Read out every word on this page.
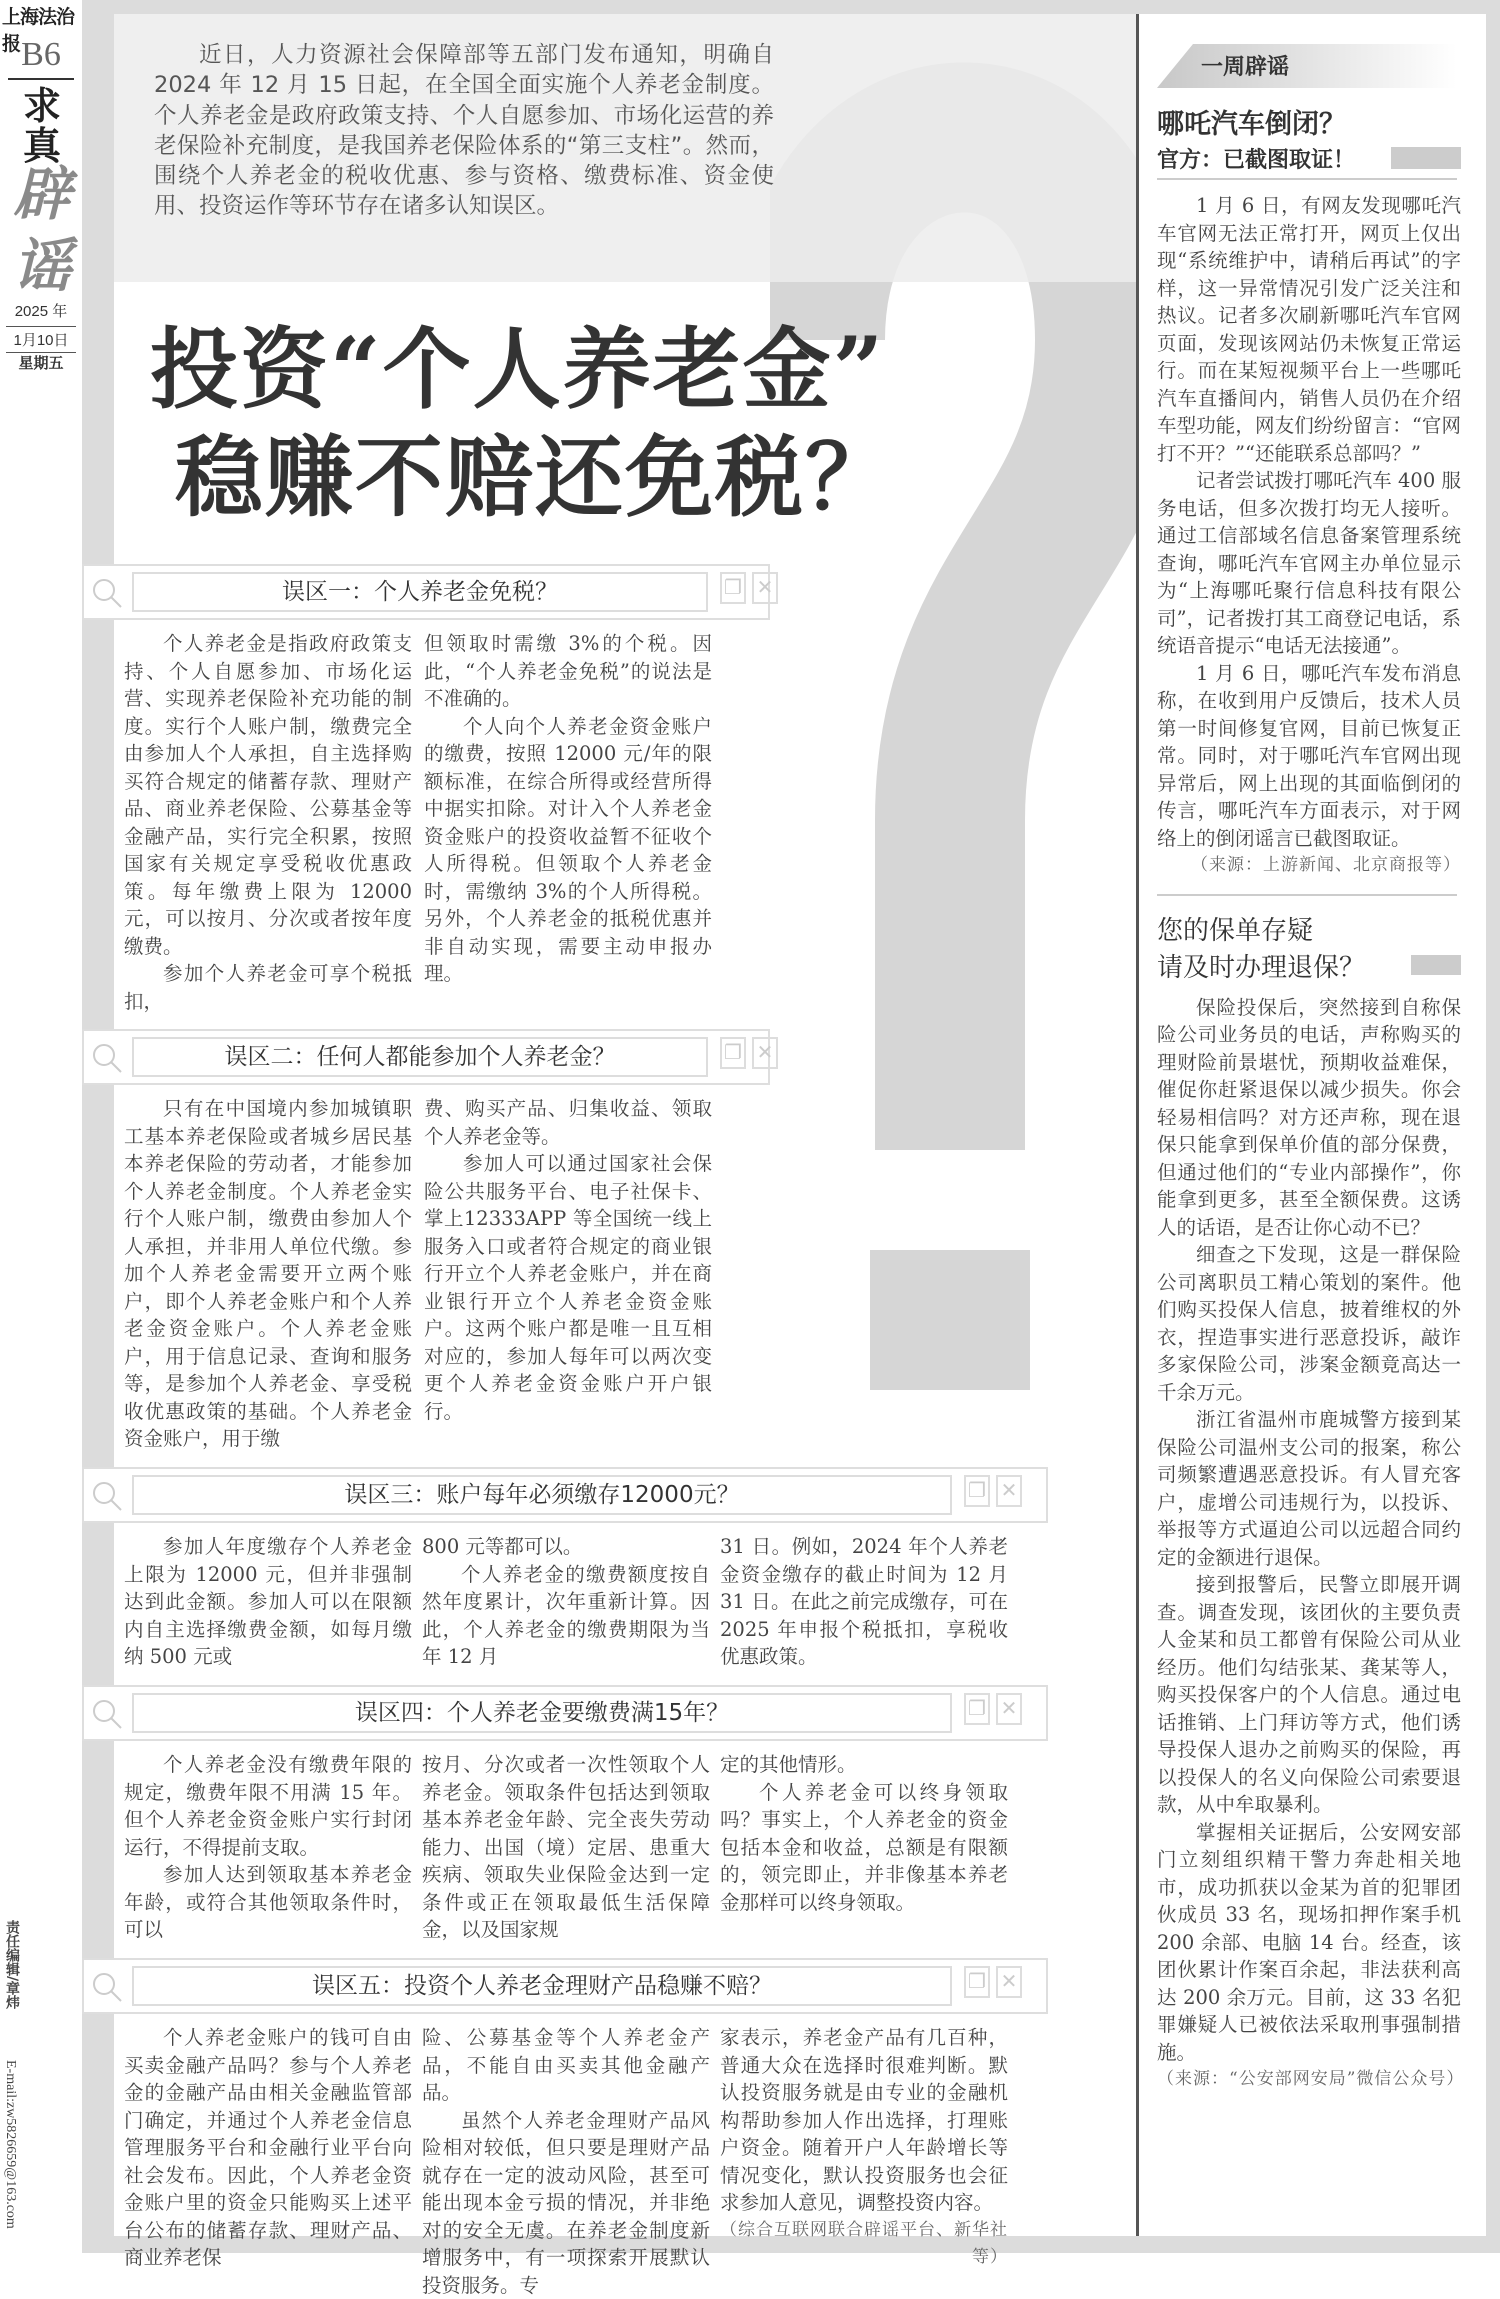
上海法治报 B6
求真
辟谣
2025 年
1月10日
星期五
责任编辑/章炜
E-mail:zw5826659@163.com

近日，人力资源社会保障部等五部门发布通知，明确自 2024 年 12 月 15 日起，在全国全面实施个人养老金制度。个人养老金是政府政策支持、个人自愿参加、市场化运营的养老保险补充制度，是我国养老保险体系的“第三支柱”。然而，围绕个人养老金的税收优惠、参与资格、缴费标准、资金使用、投资运作等环节存在诸多认知误区。

投资“个人养老金”
稳赚不赔还免税？
误区一：个人养老金免税？	❐ ✕

个人养老金是指政府政策支持、个人自愿参加、市场化运营、实现养老保险补充功能的制度。实行个人账户制，缴费完全由参加人个人承担，自主选择购买符合规定的储蓄存款、理财产品、商业养老保险、公募基金等金融产品，实行完全积累，按照国家有关规定享受税收优惠政策。每年缴费上限为 12000 元，可以按月、分次或者按年度缴费。

参加个人养老金可享个税抵扣，

但领取时需缴 3%的个税。因此，“个人养老金免税”的说法是不准确的。

个人向个人养老金资金账户的缴费，按照 12000 元/年的限额标准，在综合所得或经营所得中据实扣除。对计入个人养老金资金账户的投资收益暂不征收个人所得税。但领取个人养老金时，需缴纳 3%的个人所得税。另外，个人养老金的抵税优惠并非自动实现，需要主动申报办理。

误区二：任何人都能参加个人养老金？	❐ ✕

只有在中国境内参加城镇职工基本养老保险或者城乡居民基本养老保险的劳动者，才能参加个人养老金制度。个人养老金实行个人账户制，缴费由参加人个人承担，并非用人单位代缴。参加个人养老金需要开立两个账户，即个人养老金账户和个人养老金资金账户。个人养老金账户，用于信息记录、查询和服务等，是参加个人养老金、享受税收优惠政策的基础。个人养老金资金账户，用于缴

费、购买产品、归集收益、领取个人养老金等。

参加人可以通过国家社会保险公共服务平台、电子社保卡、掌上12333APP 等全国统一线上服务入口或者符合规定的商业银行开立个人养老金账户，并在商业银行开立个人养老金资金账户。这两个账户都是唯一且互相对应的，参加人每年可以两次变更个人养老金资金账户开户银行。

误区三：账户每年必须缴存12000元？	❐ ✕

参加人年度缴存个人养老金上限为 12000 元，但并非强制达到此金额。参加人可以在限额内自主选择缴费金额，如每月缴纳 500 元或

800 元等都可以。

个人养老金的缴费额度按自然年度累计，次年重新计算。因此，个人养老金的缴费期限为当年 12 月

31 日。例如，2024 年个人养老金资金缴存的截止时间为 12 月 31 日。在此之前完成缴存，可在 2025 年申报个税抵扣，享税收优惠政策。

误区四：个人养老金要缴费满15年？	❐ ✕

个人养老金没有缴费年限的规定，缴费年限不用满 15 年。但个人养老金资金账户实行封闭运行，不得提前支取。

参加人达到领取基本养老金年龄，或符合其他领取条件时，可以

按月、分次或者一次性领取个人养老金。领取条件包括达到领取基本养老金年龄、完全丧失劳动能力、出国（境）定居、患重大疾病、领取失业保险金达到一定条件或正在领取最低生活保障金，以及国家规

定的其他情形。

个人养老金可以终身领取吗？事实上，个人养老金的资金包括本金和收益，总额是有限额的，领完即止，并非像基本养老金那样可以终身领取。

误区五：投资个人养老金理财产品稳赚不赔？	❐ ✕

个人养老金账户的钱可自由买卖金融产品吗？参与个人养老金的金融产品由相关金融监管部门确定，并通过个人养老金信息管理服务平台和金融行业平台向社会发布。因此，个人养老金资金账户里的资金只能购买上述平台公布的储蓄存款、理财产品、商业养老保

险、公募基金等个人养老金产品，不能自由买卖其他金融产品。

虽然个人养老金理财产品风险相对较低，但只要是理财产品就存在一定的波动风险，甚至可能出现本金亏损的情况，并非绝对的安全无虞。在养老金制度新增服务中，有一项探索开展默认投资服务。专

家表示，养老金产品有几百种，普通大众在选择时很难判断。默认投资服务就是由专业的金融机构帮助参加人作出选择，打理账户资金。随着开户人年龄增长等情况变化，默认投资服务也会征求参加人意见，调整投资内容。

（综合互联网联合辟谣平台、新华社等）

一周辟谣
哪吒汽车倒闭？
官方：已截图取证！

1 月 6 日，有网友发现哪吒汽车官网无法正常打开，网页上仅出现“系统维护中，请稍后再试”的字样，这一异常情况引发广泛关注和热议。记者多次刷新哪吒汽车官网页面，发现该网站仍未恢复正常运行。而在某短视频平台上一些哪吒汽车直播间内，销售人员仍在介绍车型功能，网友们纷纷留言：“官网打不开？”“还能联系总部吗？”

记者尝试拨打哪吒汽车 400 服务电话，但多次拨打均无人接听。通过工信部域名信息备案管理系统查询，哪吒汽车官网主办单位显示为“上海哪吒聚行信息科技有限公司”，记者拨打其工商登记电话，系统语音提示“电话无法接通”。

1 月 6 日，哪吒汽车发布消息称，在收到用户反馈后，技术人员第一时间修复官网，目前已恢复正常。同时，对于哪吒汽车官网出现异常后，网上出现的其面临倒闭的传言，哪吒汽车方面表示，对于网络上的倒闭谣言已截图取证。

（来源：上游新闻、北京商报等）

您的保单存疑
请及时办理退保？

保险投保后，突然接到自称保险公司业务员的电话，声称购买的理财险前景堪忧，预期收益难保，催促你赶紧退保以减少损失。你会轻易相信吗？对方还声称，现在退保只能拿到保单价值的部分保费，但通过他们的“专业内部操作”，你能拿到更多，甚至全额保费。这诱人的话语，是否让你心动不已？

细查之下发现，这是一群保险公司离职员工精心策划的案件。他们购买投保人信息，披着维权的外衣，捏造事实进行恶意投诉，敲诈多家保险公司，涉案金额竟高达一千余万元。

浙江省温州市鹿城警方接到某保险公司温州支公司的报案，称公司频繁遭遇恶意投诉。有人冒充客户，虚增公司违规行为，以投诉、举报等方式逼迫公司以远超合同约定的金额进行退保。

接到报警后，民警立即展开调查。调查发现，该团伙的主要负责人金某和员工都曾有保险公司从业经历。他们勾结张某、龚某等人，购买投保客户的个人信息。通过电话推销、上门拜访等方式，他们诱导投保人退办之前购买的保险，再以投保人的名义向保险公司索要退款，从中牟取暴利。

掌握相关证据后，公安网安部门立刻组织精干警力奔赴相关地市，成功抓获以金某为首的犯罪团伙成员 33 名，现场扣押作案手机 200 余部、电脑 14 台。经查，该团伙累计作案百余起，非法获利高达 200 余万元。目前，这 33 名犯罪嫌疑人已被依法采取刑事强制措施。

（来源：“公安部网安局”微信公众号）
